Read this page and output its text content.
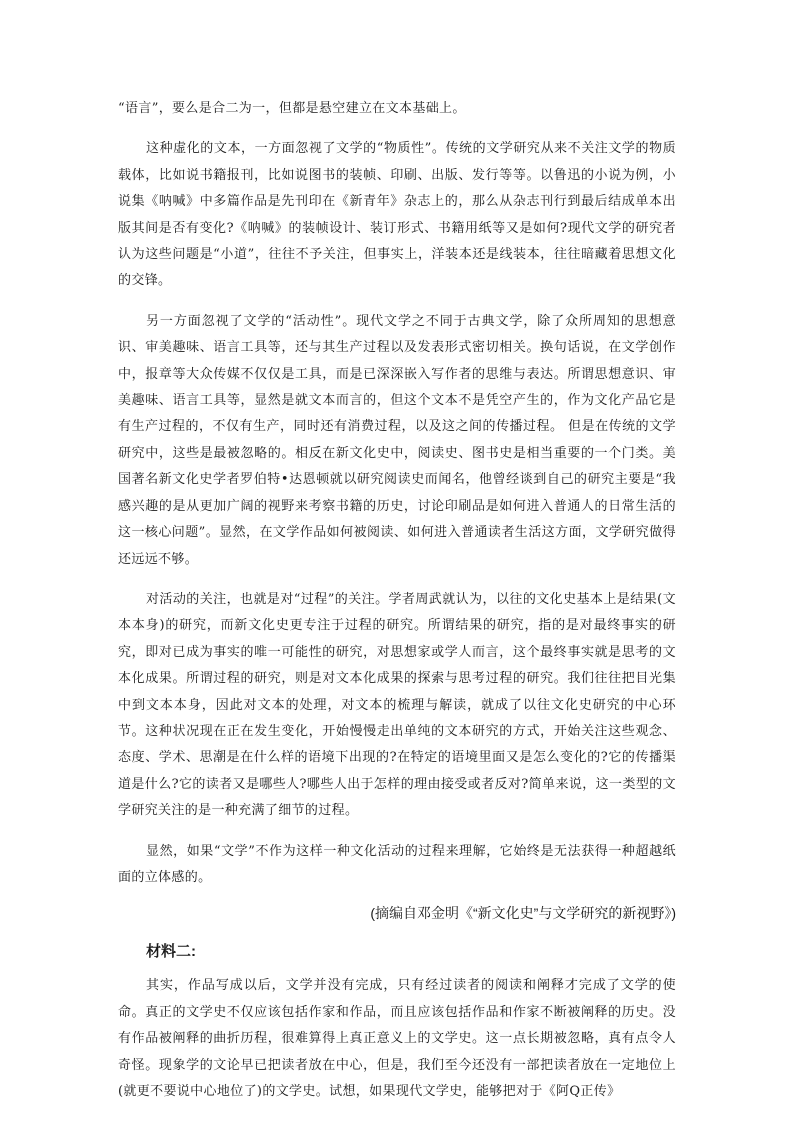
“语言”，要么是合二为一，但都是悬空建立在文本基础上。

这种虚化的文本，一方面忽视了文学的“物质性”。传统的文学研究从来不关注文学的物质载体，比如说书籍报刊，比如说图书的装帧、印刷、出版、发行等等。以鲁迅的小说为例，小说集《呐喊》中多篇作品是先刊印在《新青年》杂志上的，那么从杂志刊行到最后结成单本出版其间是否有变化?《呐喊》的装帧设计、装订形式、书籍用纸等又是如何?现代文学的研究者认为这些问题是“小道”，往往不予关注，但事实上，洋装本还是线装本，往往暗藏着思想文化的交锋。

另一方面忽视了文学的“活动性”。现代文学之不同于古典文学，除了众所周知的思想意识、审美趣味、语言工具等，还与其生产过程以及发表形式密切相关。换句话说，在文学创作中，报章等大众传媒不仅仅是工具，而是已深深嵌入写作者的思维与表达。所谓思想意识、审美趣味、语言工具等，显然是就文本而言的，但这个文本不是凭空产生的，作为文化产品它是有生产过程的，不仅有生产，同时还有消费过程，以及这之间的传播过程。 但是在传统的文学研究中，这些是最被忽略的。相反在新文化史中，阅读史、图书史是相当重要的一个门类。美国著名新文化史学者罗伯特•达恩顿就以研究阅读史而闻名，他曾经谈到自己的研究主要是“我感兴趣的是从更加广阔的视野来考察书籍的历史，讨论印刷品是如何进入普通人的日常生活的这一核心问题”。显然，在文学作品如何被阅读、如何进入普通读者生活这方面，文学研究做得还远远不够。

对活动的关注，也就是对“过程”的关注。学者周武就认为，以往的文化史基本上是结果(文本本身)的研究，而新文化史更专注于过程的研究。所谓结果的研究，指的是对最终事实的研究，即对已成为事实的唯一可能性的研究，对思想家或学人而言，这个最终事实就是思考的文本化成果。所谓过程的研究，则是对文本化成果的探索与思考过程的研究。我们往往把目光集中到文本本身，因此对文本的处理，对文本的梳理与解读，就成了以往文化史研究的中心环节。这种状况现在正在发生变化，开始慢慢走出单纯的文本研究的方式，开始关注这些观念、态度、学术、思潮是在什么样的语境下出现的?在特定的语境里面又是怎么变化的?它的传播渠道是什么?它的读者又是哪些人?哪些人出于怎样的理由接受或者反对?简单来说，这一类型的文学研究关注的是一种充满了细节的过程。

显然，如果“文学”不作为这样一种文化活动的过程来理解，它始终是无法获得一种超越纸面的立体感的。

(摘编自邓金明《“新文化史”与文学研究的新视野》)

材料二:

其实，作品写成以后，文学并没有完成，只有经过读者的阅读和阐释才完成了文学的使命。真正的文学史不仅应该包括作家和作品，而且应该包括作品和作家不断被阐释的历史。没有作品被阐释的曲折历程，很难算得上真正意义上的文学史。这一点长期被忽略，真有点令人奇怪。现象学的文论早已把读者放在中心，但是，我们至今还没有一部把读者放在一定地位上(就更不要说中心地位了)的文学史。试想，如果现代文学史，能够把对于《阿Q正传》
